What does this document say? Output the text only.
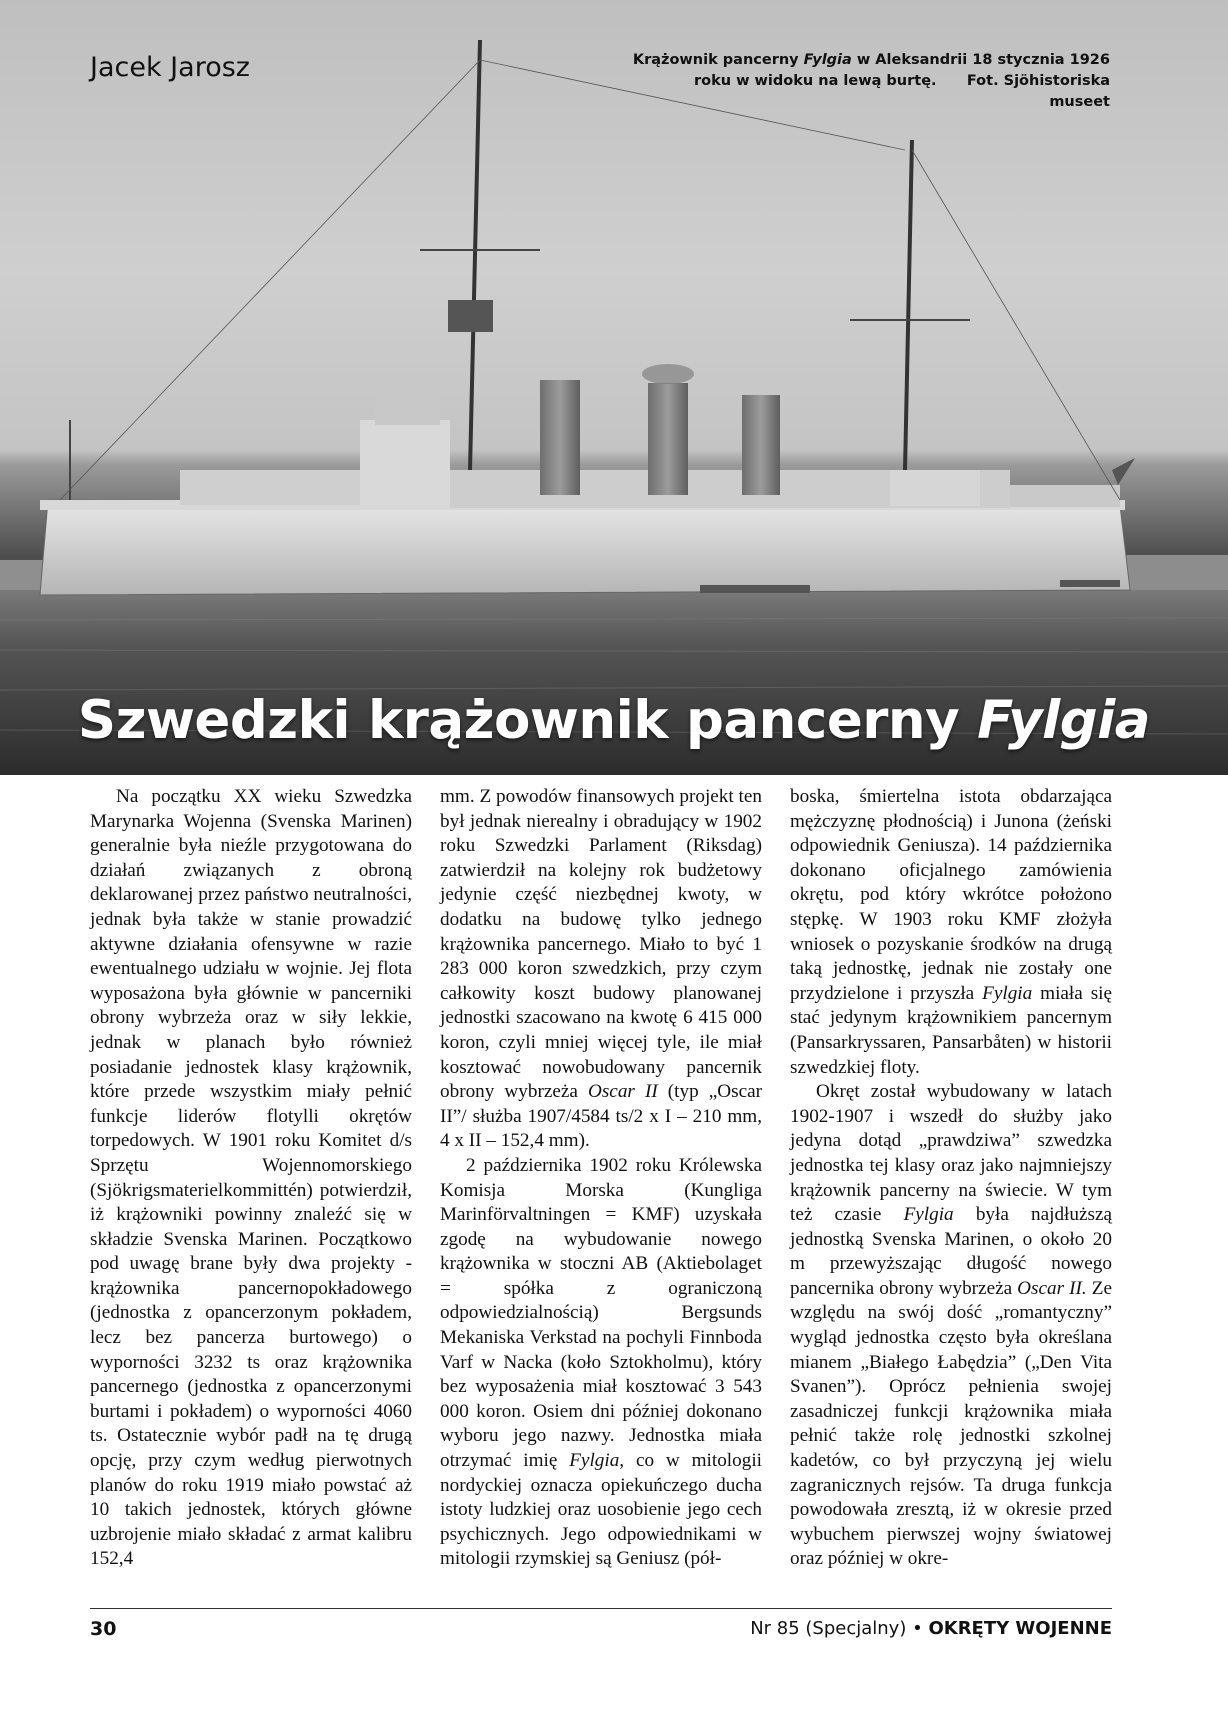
Jacek Jarosz	Krążownik pancerny Fylgia w Aleksandrii 18 stycznia 1926 roku w widoku na lewą burtę. Fot. Sjöhistoriska museet
Szwedzki krążownik pancerny Fylgia

Na początku XX wieku Szwedzka Marynarka Wojenna (Svenska Marinen) generalnie była nieźle przygotowana do działań związanych z obroną deklarowanej przez państwo neutralności, jednak była także w stanie prowadzić aktywne działania ofensywne w razie ewentualnego udziału w wojnie. Jej flota wyposażona była głównie w pancerniki obrony wybrzeża oraz w siły lekkie, jednak w planach było również posiadanie jednostek klasy krążownik, które przede wszystkim miały pełnić funkcje liderów flotylli okrętów torpedowych. W 1901 roku Komitet d/s Sprzętu Wojennomorskiego (Sjökrigsmaterielkommittén) potwierdził, iż krążowniki powinny znaleźć się w składzie Svenska Marinen. Początkowo pod uwagę brane były dwa projekty - krążownika pancernopokładowego (jednostka z opancerzonym pokładem, lecz bez pancerza burtowego) o wyporności 3232 ts oraz krążownika pancernego (jednostka z opancerzonymi burtami i pokładem) o wyporności 4060 ts. Ostatecznie wybór padł na tę drugą opcję, przy czym według pierwotnych planów do roku 1919 miało powstać aż 10 takich jednostek, których główne uzbrojenie miało składać z armat kalibru 152,4

mm. Z powodów finansowych projekt ten był jednak nierealny i obradujący w 1902 roku Szwedzki Parlament (Riksdag) zatwierdził na kolejny rok budżetowy jedynie część niezbędnej kwoty, w dodatku na budowę tylko jednego krążownika pancernego. Miało to być 1 283 000 koron szwedzkich, przy czym całkowity koszt budowy planowanej jednostki szacowano na kwotę 6 415 000 koron, czyli mniej więcej tyle, ile miał kosztować nowobudowany pancernik obrony wybrzeża Oscar II (typ „Oscar II”/ służba 1907/4584 ts/2 x I – 210 mm, 4 x II – 152,4 mm).

2 października 1902 roku Królewska Komisja Morska (Kungliga Marinförvaltningen = KMF) uzyskała zgodę na wybudowanie nowego krążownika w stoczni AB (Aktiebolaget = spółka z ograniczoną odpowiedzialnością) Bergsunds Mekaniska Verkstad na pochyli Finnboda Varf w Nacka (koło Sztokholmu), który bez wyposażenia miał kosztować 3 543 000 koron. Osiem dni później dokonano wyboru jego nazwy. Jednostka miała otrzymać imię Fylgia, co w mitologii nordyckiej oznacza opiekuńczego ducha istoty ludzkiej oraz uosobienie jego cech psychicznych. Jego odpowiednikami w mitologii rzymskiej są Geniusz (pół-

boska, śmiertelna istota obdarzająca mężczyznę płodnością) i Junona (żeński odpowiednik Geniusza). 14 października dokonano oficjalnego zamówienia okrętu, pod który wkrótce położono stępkę. W 1903 roku KMF złożyła wniosek o pozyskanie środków na drugą taką jednostkę, jednak nie zostały one przydzielone i przyszła Fylgia miała się stać jedynym krążownikiem pancernym (Pansarkryssaren, Pansarbåten) w historii szwedzkiej floty.

Okręt został wybudowany w latach 1902-1907 i wszedł do służby jako jedyna dotąd „prawdziwa” szwedzka jednostka tej klasy oraz jako najmniejszy krążownik pancerny na świecie. W tym też czasie Fylgia była najdłuższą jednostką Svenska Marinen, o około 20 m przewyższając długość nowego pancernika obrony wybrzeża Oscar II. Ze względu na swój dość „romantyczny” wygląd jednostka często była określana mianem „Białego Łabędzia” („Den Vita Svanen”). Oprócz pełnienia swojej zasadniczej funkcji krążownika miała pełnić także rolę jednostki szkolnej kadetów, co był przyczyną jej wielu zagranicznych rejsów. Ta druga funkcja powodowała zresztą, iż w okresie przed wybuchem pierwszej wojny światowej oraz później w okre-

30	Nr 85 (Specjalny) • OKRĘTY WOJENNE
